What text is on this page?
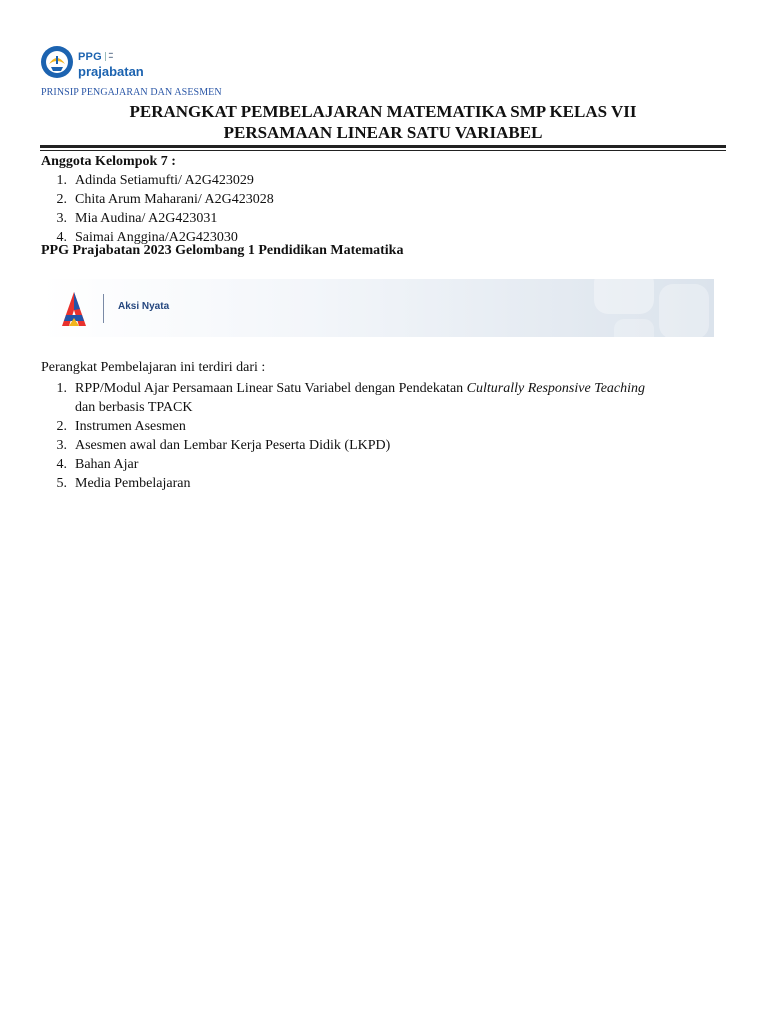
PPG ▬
▬
prajabatan
PRINSIP PENGAJARAN DAN ASESMEN
PERANGKAT PEMBELAJARAN MATEMATIKA SMP KELAS VII
PERSAMAAN LINEAR SATU VARIABEL
Anggota Kelompok 7 :
1. Adinda Setiamufti/ A2G423029
2. Chita Arum Maharani/ A2G423028
3. Mia Audina/ A2G423031
4. Saimai Anggina/A2G423030
PPG Prajabatan 2023 Gelombang 1 Pendidikan Matematika
Aksi Nyata
Perangkat Pembelajaran ini terdiri dari :
1. RPP/Modul Ajar Persamaan Linear Satu Variabel dengan Pendekatan Culturally Responsive Teaching
dan berbasis TPACK
2. Instrumen Asesmen
3. Asesmen awal dan Lembar Kerja Peserta Didik (LKPD)
4. Bahan Ajar
5. Media Pembelajaran
